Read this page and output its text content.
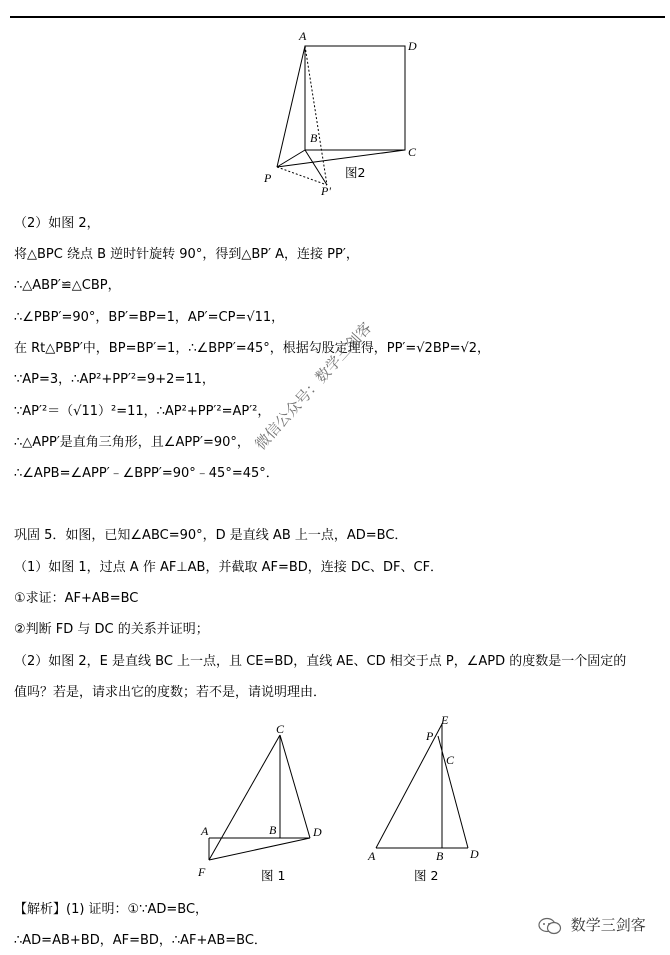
A
D
B
C
P
P'
图2
（2）如图 2，
将△BPC 绕点 B 逆时针旋转 90°，得到△BP′ A，连接 PP′，
∴△ABP′≌△CBP，
∴∠PBP′=90°，BP′=BP=1，AP′=CP=√11，
在 Rt△PBP′中，BP=BP′=1，∴∠BPP′=45°，根据勾股定理得，PP′=√2BP=√2，
∵AP=3，∴AP²+PP′²=9+2=11，
∵AP′²＝（√11）²=11，∴AP²+PP′²=AP′²，
∴△APP′是直角三角形，且∠APP′=90°，
∴∠APB=∠APP′﹣∠BPP′=90°﹣45°=45°．
微信公众号：数学三剑客
巩固 5．如图，已知∠ABC=90°，D 是直线 AB 上一点，AD=BC．
（1）如图 1，过点 A 作 AF⊥AB，并截取 AF=BD，连接 DC、DF、CF．
①求证：AF+AB=BC
②判断 FD 与 DC 的关系并证明；
（2）如图 2，E 是直线 BC 上一点，且 CE=BD，直线 AE、CD 相交于点 P，∠APD 的度数是一个固定的
值吗？若是，请求出它的度数；若不是，请说明理由．
C
A	B	D
F	图 1
E
P
C
A	B D
图 2
【解析】(1) 证明：①∵AD=BC，
∴AD=AB+BD，AF=BD，∴AF+AB=BC．
数学三剑客
